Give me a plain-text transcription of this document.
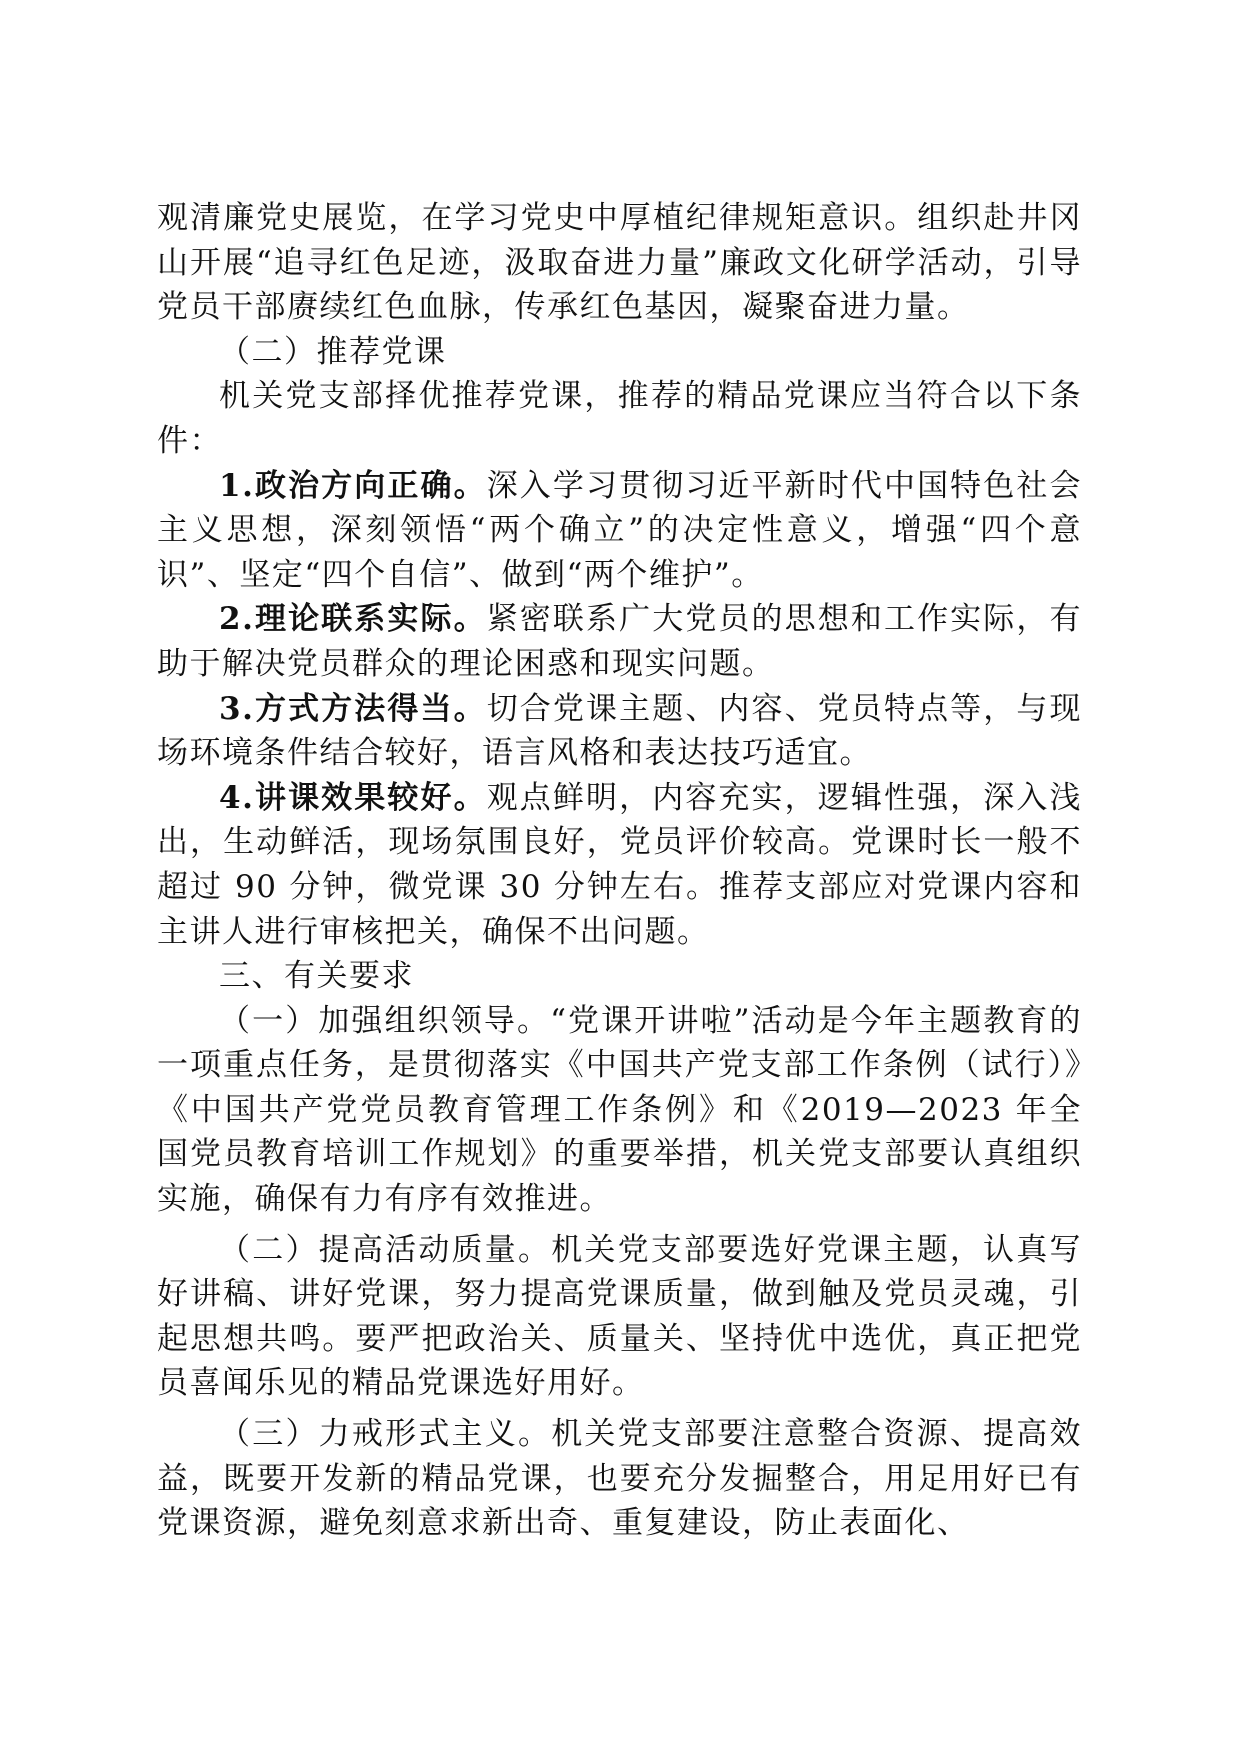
观清廉党史展览，在学习党史中厚植纪律规矩意识。组织赴井冈山开展“追寻红色足迹，汲取奋进力量”廉政文化研学活动，引导党员干部赓续红色血脉，传承红色基因，凝聚奋进力量。

（二）推荐党课

机关党支部择优推荐党课，推荐的精品党课应当符合以下条件：

1.政治方向正确。深入学习贯彻习近平新时代中国特色社会主义思想，深刻领悟“两个确立”的决定性意义，增强“四个意识”、坚定“四个自信”、做到“两个维护”。

2.理论联系实际。紧密联系广大党员的思想和工作实际，有助于解决党员群众的理论困惑和现实问题。

3.方式方法得当。切合党课主题、内容、党员特点等，与现场环境条件结合较好，语言风格和表达技巧适宜。

4.讲课效果较好。观点鲜明，内容充实，逻辑性强，深入浅出，生动鲜活，现场氛围良好，党员评价较高。党课时长一般不超过 90 分钟，微党课 30 分钟左右。推荐支部应对党课内容和主讲人进行审核把关，确保不出问题。

三、有关要求

（一）加强组织领导。“党课开讲啦”活动是今年主题教育的一项重点任务，是贯彻落实《中国共产党支部工作条例（试行）》《中国共产党党员教育管理工作条例》和《2019—2023 年全国党员教育培训工作规划》的重要举措，机关党支部要认真组织实施，确保有力有序有效推进。

（二）提高活动质量。机关党支部要选好党课主题，认真写好讲稿、讲好党课，努力提高党课质量，做到触及党员灵魂，引起思想共鸣。要严把政治关、质量关、坚持优中选优，真正把党员喜闻乐见的精品党课选好用好。

（三）力戒形式主义。机关党支部要注意整合资源、提高效益，既要开发新的精品党课，也要充分发掘整合，用足用好已有党课资源，避免刻意求新出奇、重复建设，防止表面化、
